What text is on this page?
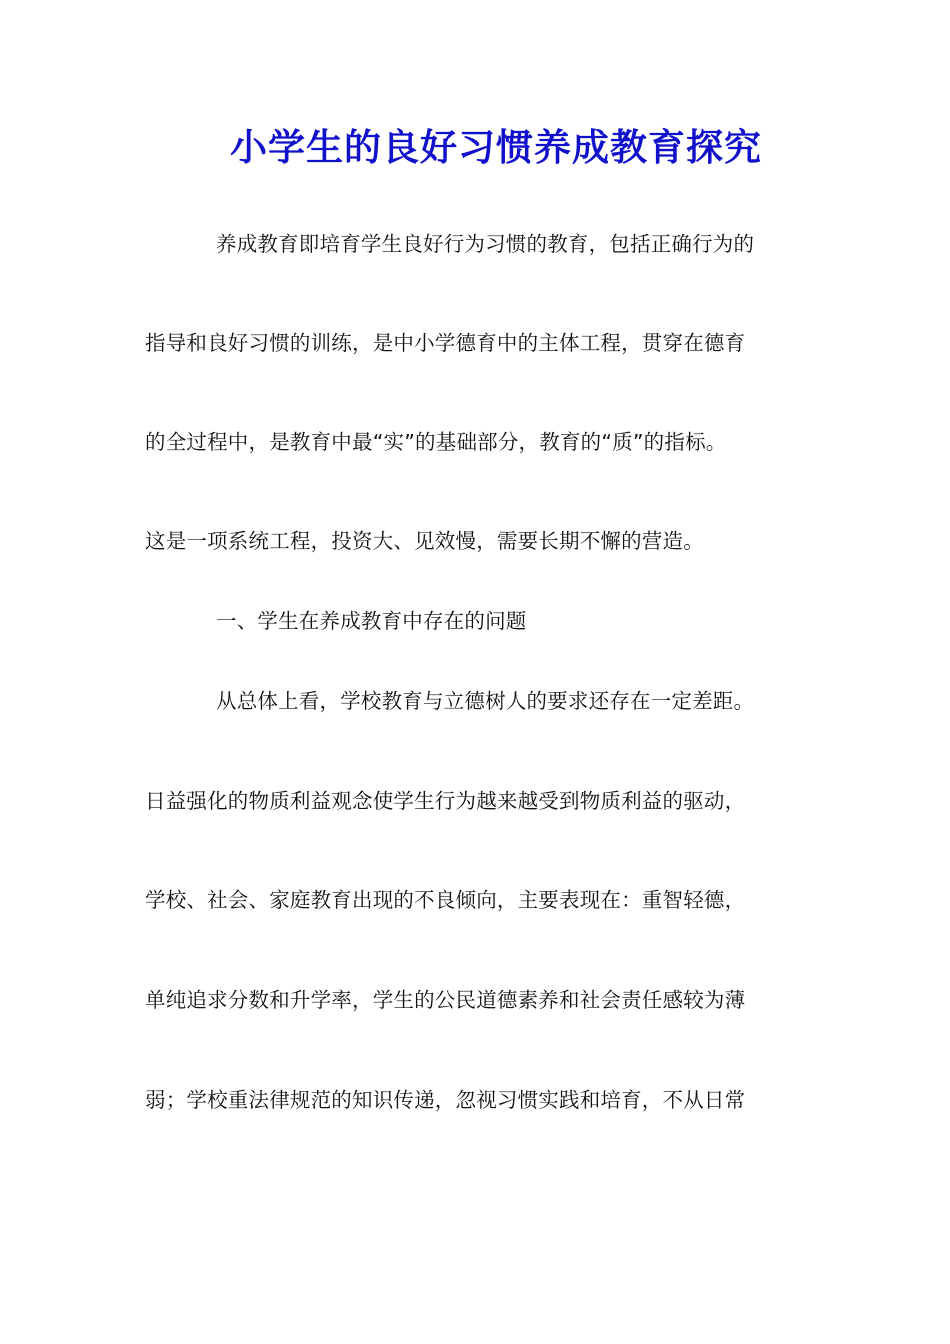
小学生的良好习惯养成教育探究
养成教育即培育学生良好行为习惯的教育，包括正确行为的
指导和良好习惯的训练，是中小学德育中的主体工程，贯穿在德育
的全过程中，是教育中最“实”的基础部分，教育的“质”的指标。
这是一项系统工程，投资大、见效慢，需要长期不懈的营造。
一、学生在养成教育中存在的问题
从总体上看，学校教育与立德树人的要求还存在一定差距。
日益强化的物质利益观念使学生行为越来越受到物质利益的驱动，
学校、社会、家庭教育出现的不良倾向，主要表现在：重智轻德，
单纯追求分数和升学率，学生的公民道德素养和社会责任感较为薄
弱；学校重法律规范的知识传递，忽视习惯实践和培育，不从日常
